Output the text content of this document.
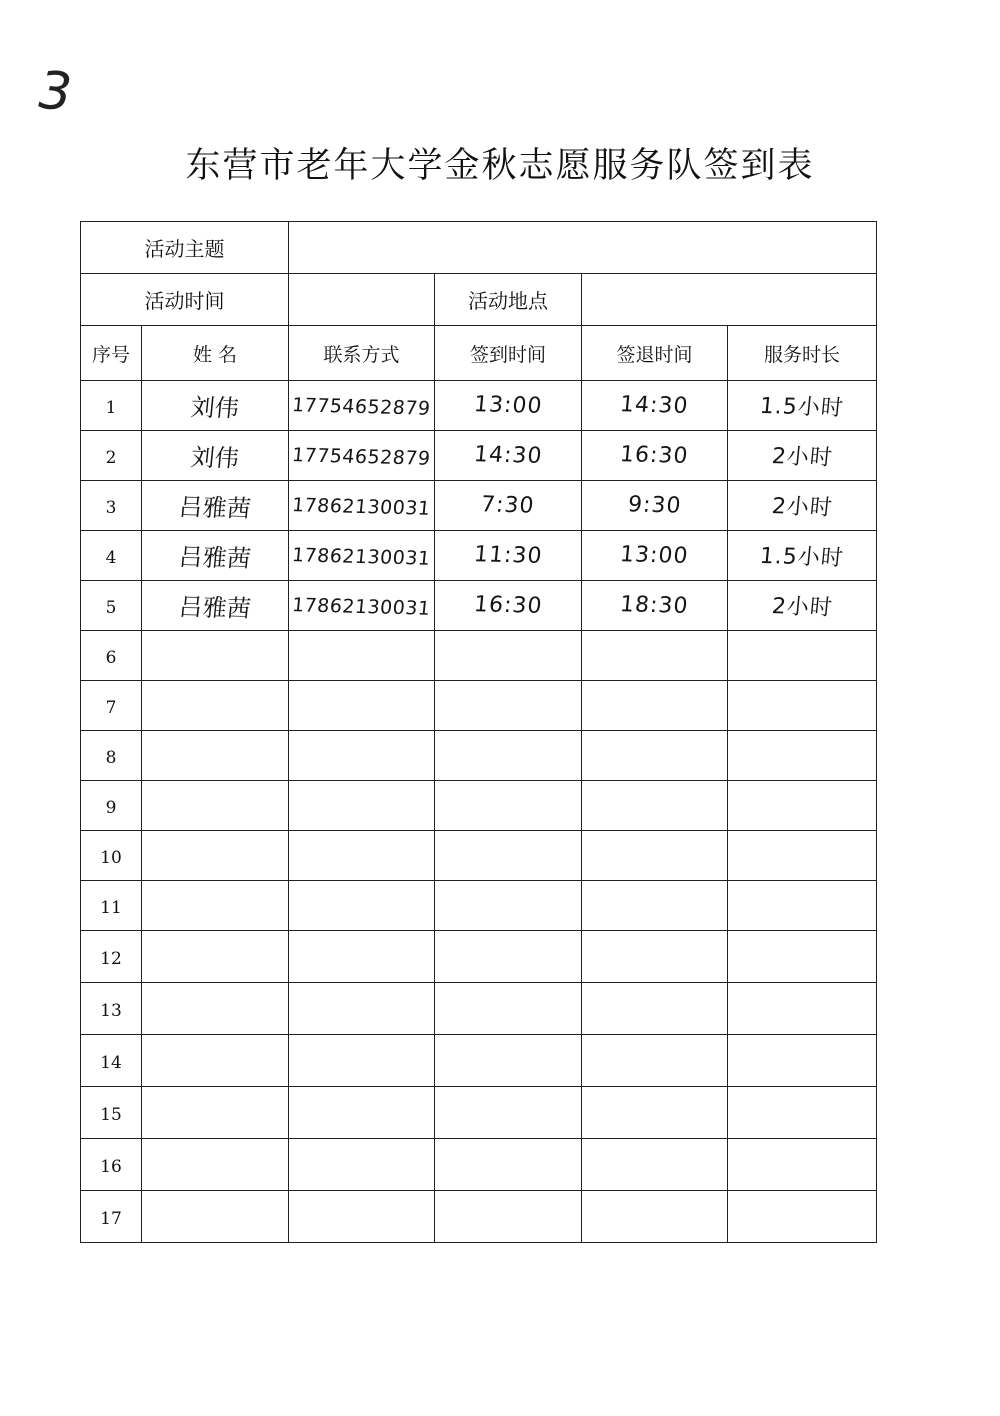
3
东营市老年大学金秋志愿服务队签到表
活动主题					
活动时间			活动地点		
序号	姓 名	联系方式	签到时间	签退时间	服务时长
1	刘伟	17754652879	13:00	14:30	1.5小时
2	刘伟	17754652879	14:30	16:30	2小时
3	吕雅茜	17862130031	7:30	9:30	2小时
4	吕雅茜	17862130031	11:30	13:00	1.5小时
5	吕雅茜	17862130031	16:30	18:30	2小时
6					
7					
8					
9					
10					
11					
12					
13					
14					
15					
16					
17					
